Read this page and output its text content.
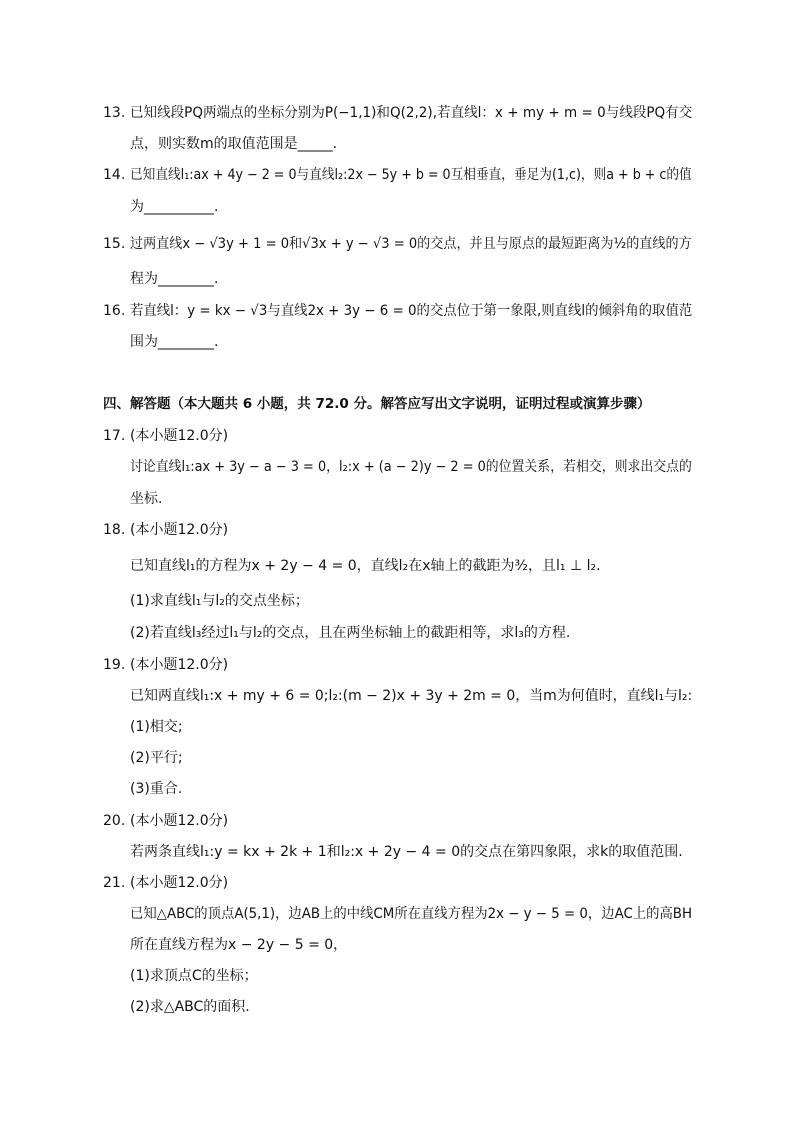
13. 已知线段PQ两端点的坐标分别为P(−1,1)和Q(2,2),若直线l：x + my + m = 0与线段PQ有交
点，则实数m的取值范围是_____.
14. 已知直线l₁:ax + 4y − 2 = 0与直线l₂:2x − 5y + b = 0互相垂直，垂足为(1,c)，则a + b + c的值
为__________.
15. 过两直线x − √3y + 1 = 0和√3x + y − √3 = 0的交点，并且与原点的最短距离为½的直线的方
程为________.
16. 若直线l：y = kx − √3与直线2x + 3y − 6 = 0的交点位于第一象限,则直线l的倾斜角的取值范
围为________.
四、解答题（本大题共 6 小题，共 72.0 分。解答应写出文字说明，证明过程或演算步骤）
17. (本小题12.0分)
讨论直线l₁:ax + 3y − a − 3 = 0，l₂:x + (a − 2)y − 2 = 0的位置关系，若相交，则求出交点的
坐标.
18. (本小题12.0分)
已知直线l₁的方程为x + 2y − 4 = 0，直线l₂在x轴上的截距为³⁄₂，且l₁ ⊥ l₂.
(1)求直线l₁与l₂的交点坐标；
(2)若直线l₃经过l₁与l₂的交点，且在两坐标轴上的截距相等，求l₃的方程.
19. (本小题12.0分)
已知两直线l₁:x + my + 6 = 0;l₂:(m − 2)x + 3y + 2m = 0，当m为何值时，直线l₁与l₂:
(1)相交;
(2)平行;
(3)重合.
20. (本小题12.0分)
若两条直线l₁:y = kx + 2k + 1和l₂:x + 2y − 4 = 0的交点在第四象限，求k的取值范围.
21. (本小题12.0分)
已知△ABC的顶点A(5,1)，边AB上的中线CM所在直线方程为2x − y − 5 = 0，边AC上的高BH
所在直线方程为x − 2y − 5 = 0，
(1)求顶点C的坐标；
(2)求△ABC的面积.
